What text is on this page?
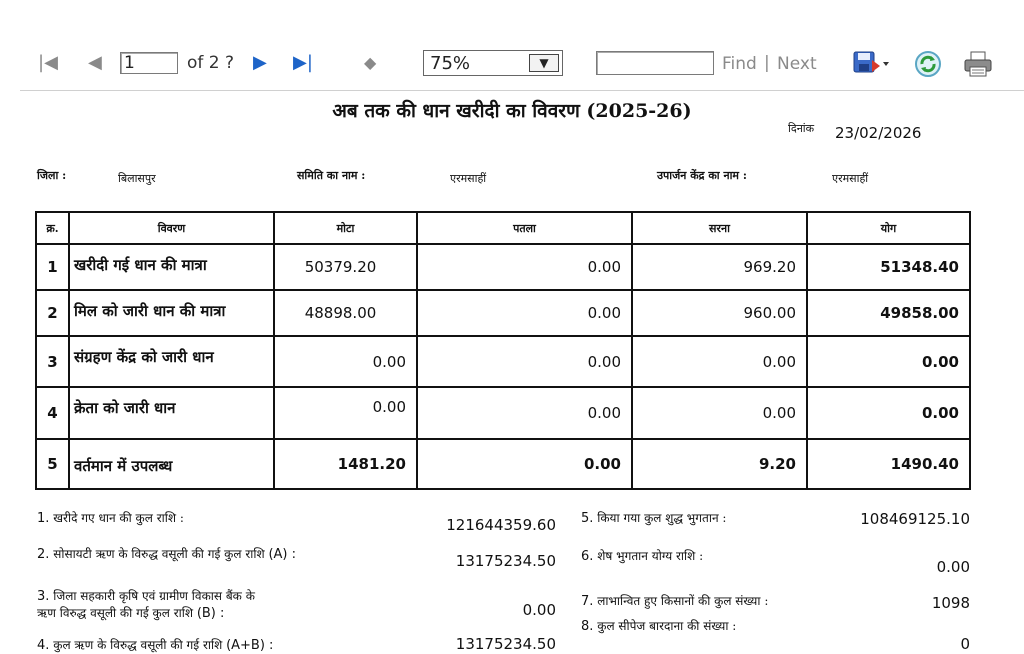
|◀ ◀
1	of 2 ? ▶ ▶|	◆	75%	▼	Find | Next
अब तक की धान खरीदी का विवरण (2025-26)
दिनांक 23/02/2026
जिला :	बिलासपुर	समिति का नाम :	एरमसाहीं	उपार्जन केंद्र का नाम :	एरमसाहीं
क्र.	विवरण	मोटा	पतला	सरना	योग
1	खरीदी गई धान की मात्रा	50379.20	0.00	969.20	51348.40
2	मिल को जारी धान की मात्रा	48898.00	0.00	960.00	49858.00
3	संग्रहण केंद्र को जारी धान	0.00	0.00	0.00	0.00
4	क्रेता को जारी धान	0.00	0.00	0.00	0.00
5	वर्तमान में उपलब्ध	1481.20	0.00	9.20	1490.40
1. खरीदे गए धान की कुल राशि :	121644359.60
2. सोसायटी ऋण के विरुद्ध वसूली की गई कुल राशि (A) :	13175234.50
3. जिला सहकारी कृषि एवं ग्रामीण विकास बैंक के
ऋण विरुद्ध वसूली की गई कुल राशि (B) :	0.00
4. कुल ऋण के विरुद्ध वसूली की गई राशि (A+B) :	13175234.50
5. किया गया कुल शुद्ध भुगतान :	108469125.10
6. शेष भुगतान योग्य राशि :
0.00
7. लाभान्वित हुए किसानों की कुल संख्या :	1098
8. कुल सीपेज बारदाना की संख्या :
0
